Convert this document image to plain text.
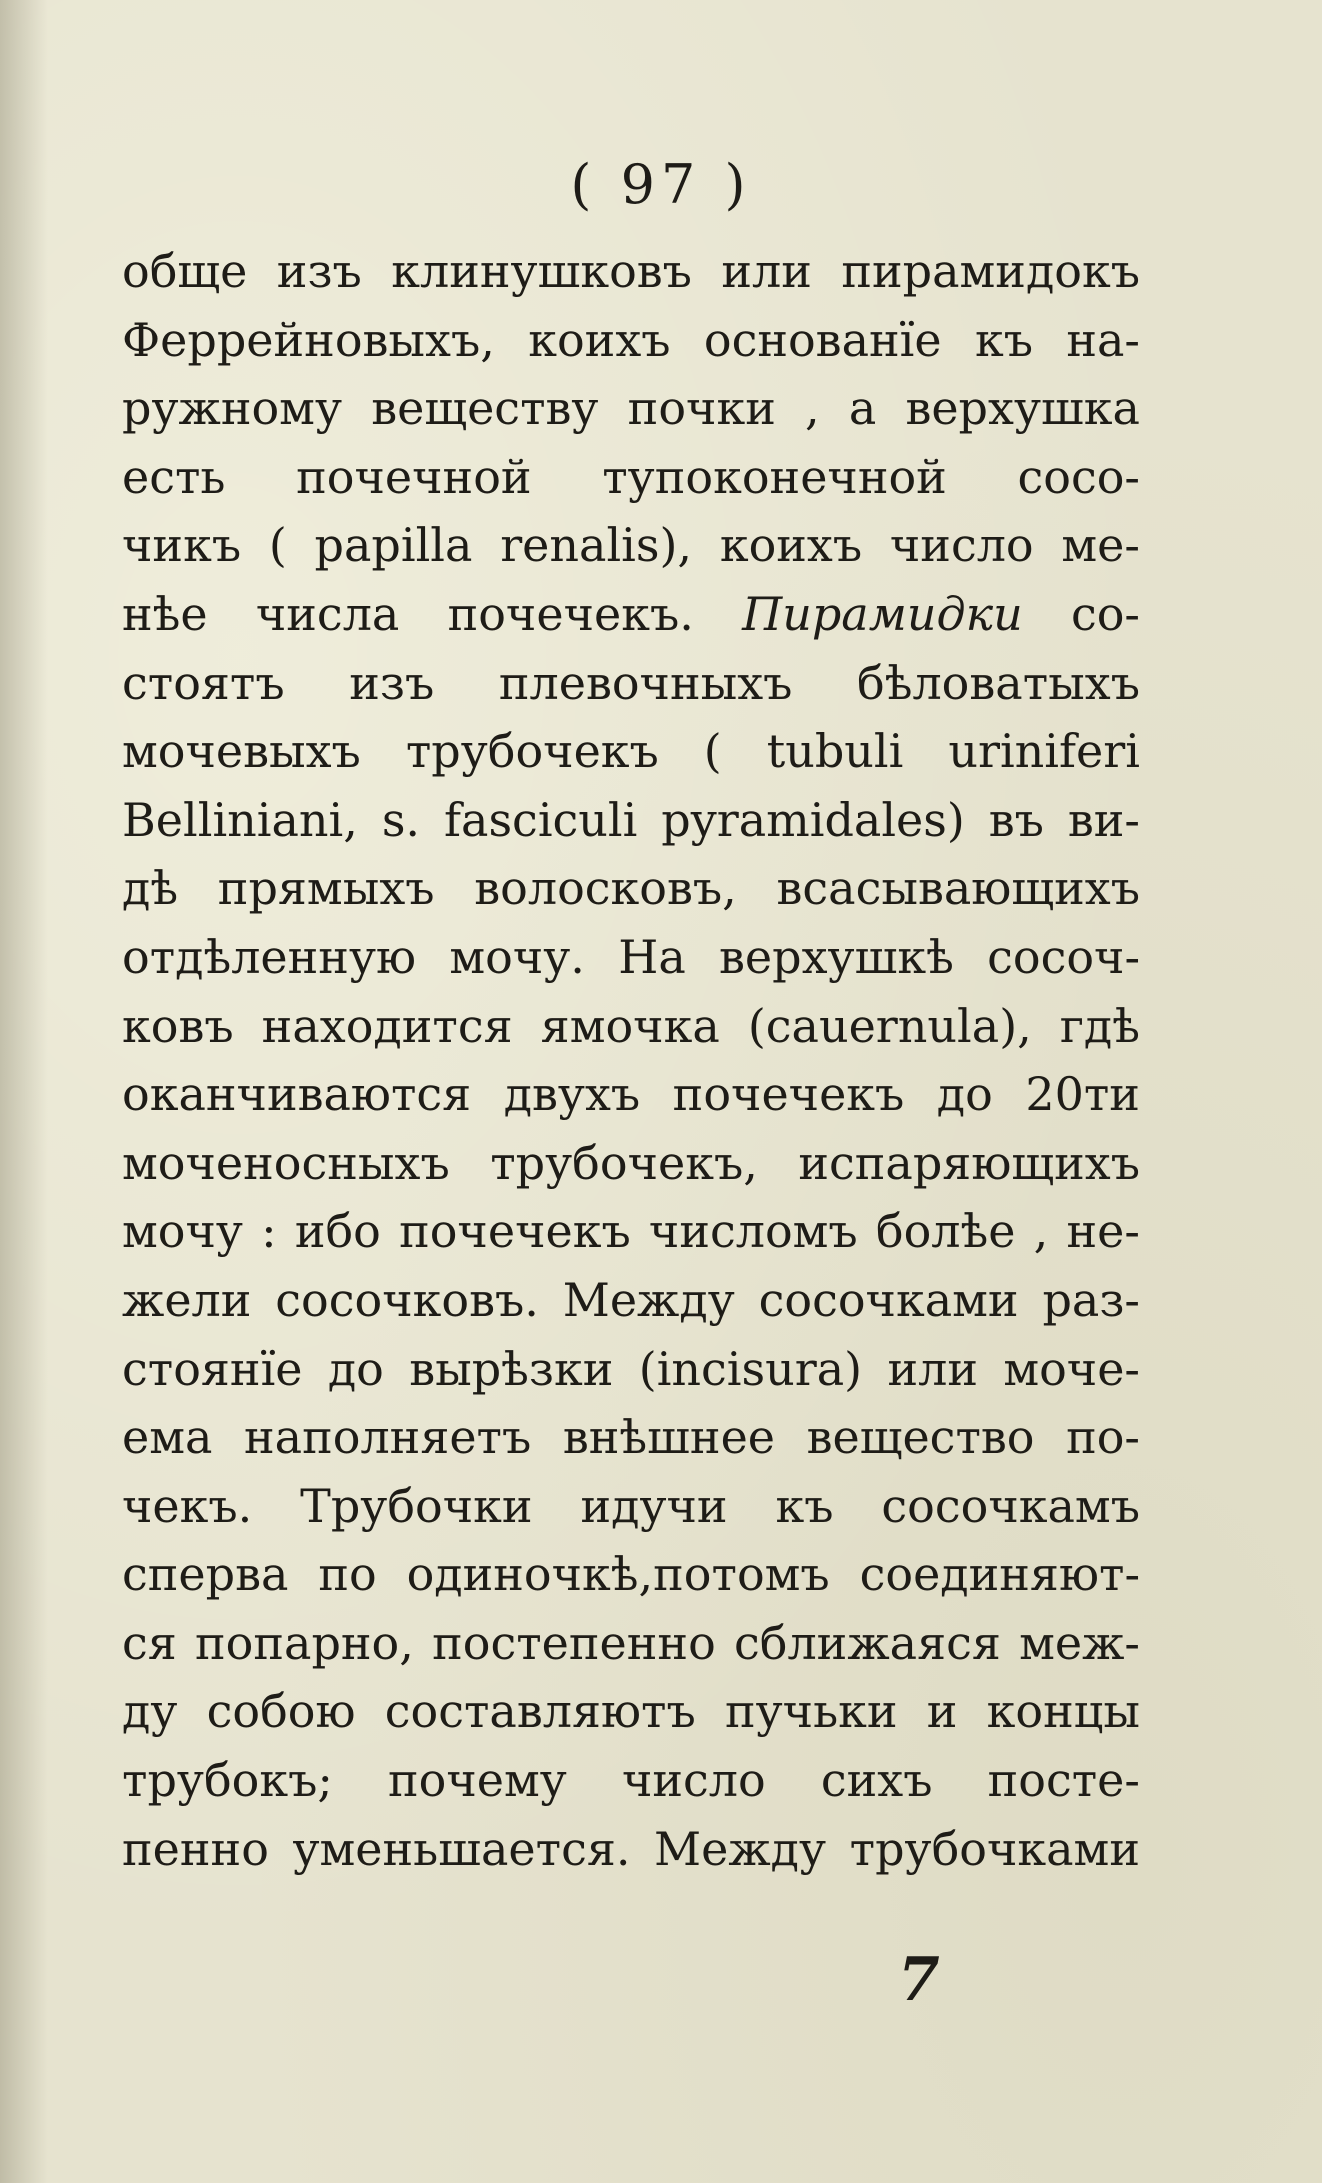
( 97 )
общe изъ клинушковъ или пирамидокъ
Феррейновыхъ, коихъ основанїе къ на-
ружному веществу почки , а верхушка
есть почечной тупоконечной сосо-
чикъ ( papilla renalis), коихъ число ме-
нѣе числа почечекъ. Пирамидки со-
стоятъ изъ плевочныхъ бѣловатыхъ
мочевыхъ трубочекъ ( tubuli uriniferi
Belliniani, s. fasciculi pyramidales) въ ви-
дѣ прямыхъ волосковъ, всасывающихъ
отдѣленную мочу. На верхушкѣ сосоч-
ковъ находится ямочка (cauernula), гдѣ
оканчиваются двухъ почечекъ до 20ти
моченосныхъ трубочекъ, испаряющихъ
мочу : ибо почечекъ числомъ болѣе , не-
жели сосочковъ. Между сосочками раз-
стоянїе до вырѣзки (incisura) или моче-
ема наполняетъ внѣшнее вещество по-
чекъ. Трубочки идучи къ сосочкамъ
сперва по одиночкѣ,потомъ соединяют-
ся попарно, постепенно сближаяся меж-
ду собою составляютъ пучьки и концы
трубокъ; почему число сихъ посте-
пенно уменьшается. Между трубочками
7
